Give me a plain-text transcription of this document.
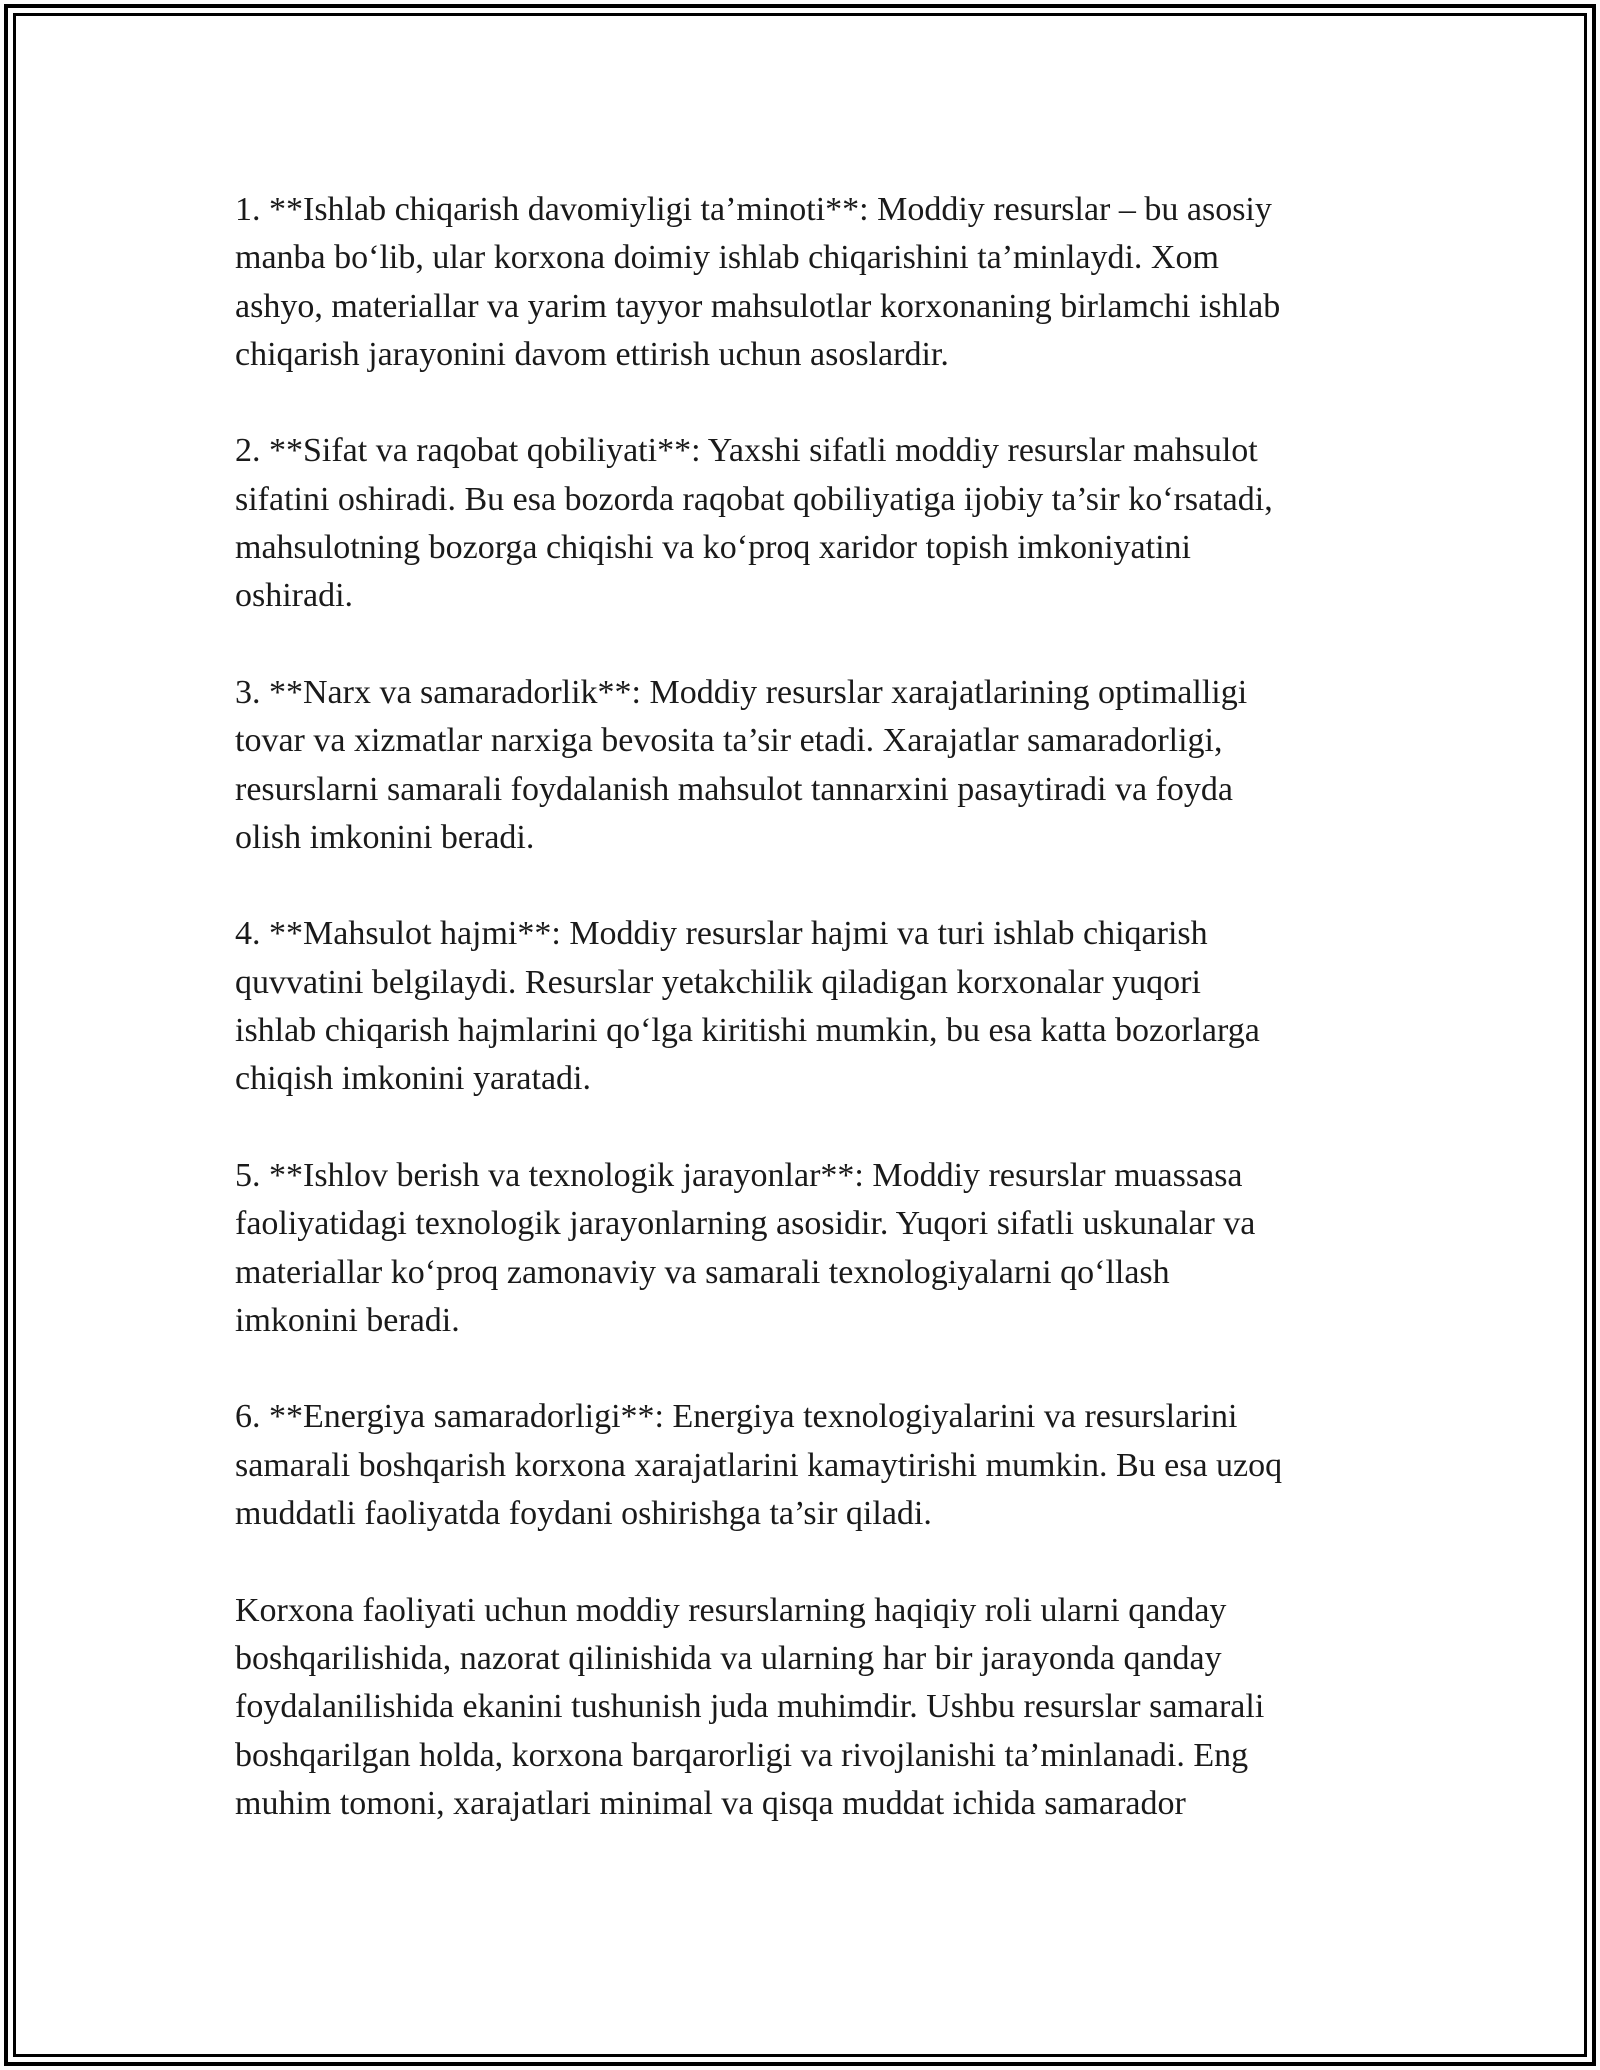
1. **Ishlab chiqarish davomiyligi ta’minoti**: Moddiy resurslar – bu asosiy
manba bo‘lib, ular korxona doimiy ishlab chiqarishini ta’minlaydi. Xom
ashyo, materiallar va yarim tayyor mahsulotlar korxonaning birlamchi ishlab
chiqarish jarayonini davom ettirish uchun asoslardir.

2. **Sifat va raqobat qobiliyati**: Yaxshi sifatli moddiy resurslar mahsulot
sifatini oshiradi. Bu esa bozorda raqobat qobiliyatiga ijobiy ta’sir ko‘rsatadi,
mahsulotning bozorga chiqishi va ko‘proq xaridor topish imkoniyatini
oshiradi.

3. **Narx va samaradorlik**: Moddiy resurslar xarajatlarining optimalligi
tovar va xizmatlar narxiga bevosita ta’sir etadi. Xarajatlar samaradorligi,
resurslarni samarali foydalanish mahsulot tannarxini pasaytiradi va foyda
olish imkonini beradi.

4. **Mahsulot hajmi**: Moddiy resurslar hajmi va turi ishlab chiqarish
quvvatini belgilaydi. Resurslar yetakchilik qiladigan korxonalar yuqori
ishlab chiqarish hajmlarini qo‘lga kiritishi mumkin, bu esa katta bozorlarga
chiqish imkonini yaratadi.

5. **Ishlov berish va texnologik jarayonlar**: Moddiy resurslar muassasa
faoliyatidagi texnologik jarayonlarning asosidir. Yuqori sifatli uskunalar va
materiallar ko‘proq zamonaviy va samarali texnologiyalarni qo‘llash
imkonini beradi.

6. **Energiya samaradorligi**: Energiya texnologiyalarini va resurslarini
samarali boshqarish korxona xarajatlarini kamaytirishi mumkin. Bu esa uzoq
muddatli faoliyatda foydani oshirishga ta’sir qiladi.

Korxona faoliyati uchun moddiy resurslarning haqiqiy roli ularni qanday
boshqarilishida, nazorat qilinishida va ularning har bir jarayonda qanday
foydalanilishida ekanini tushunish juda muhimdir. Ushbu resurslar samarali
boshqarilgan holda, korxona barqarorligi va rivojlanishi ta’minlanadi. Eng
muhim tomoni, xarajatlari minimal va qisqa muddat ichida samarador
